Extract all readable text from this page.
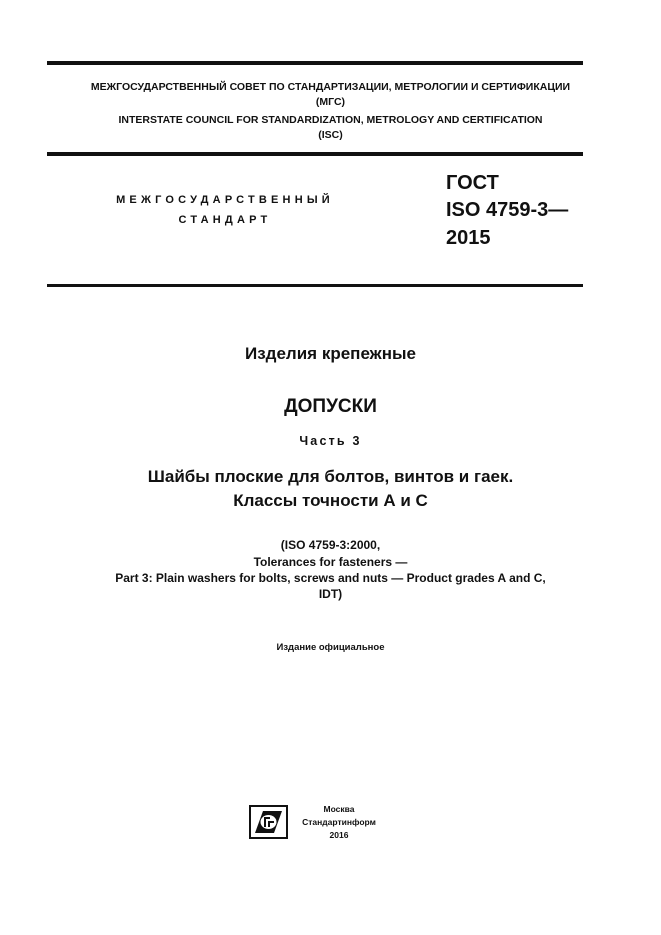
МЕЖГОСУДАРСТВЕННЫЙ СОВЕТ ПО СТАНДАРТИЗАЦИИ, МЕТРОЛОГИИ И СЕРТИФИКАЦИИ
(МГС)
INTERSTATE COUNCIL FOR STANDARDIZATION, METROLOGY AND CERTIFICATION
(ISC)
МЕЖГОСУДАРСТВЕННЫЙ
СТАНДАРТ
ГОСТ
ISO 4759-3—
2015
Изделия крепежные
ДОПУСКИ
Часть 3
Шайбы плоские для болтов, винтов и гаек.
Классы точности А и С
(ISO 4759-3:2000,
Tolerances for fasteners —
Part 3: Plain washers for bolts, screws and nuts — Product grades A and C,
IDT)
Издание официальное
Москва
Стандартинформ
2016
